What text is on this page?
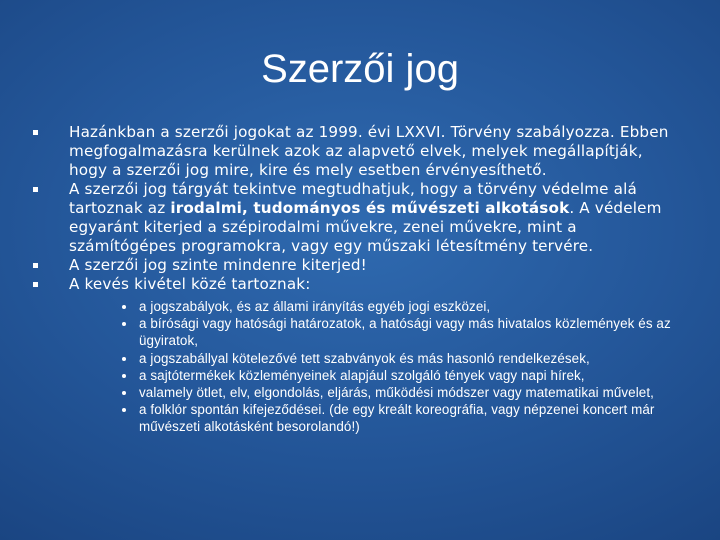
Szerzői jog
Hazánkban a szerzői jogokat az 1999. évi LXXVI. Törvény szabályozza. Ebben megfogalmazásra kerülnek azok az alapvető elvek, melyek megállapítják, hogy a szerzői jog mire, kire és mely esetben érvényesíthető.
A szerzői jog tárgyát tekintve megtudhatjuk, hogy a törvény védelme alá tartoznak az irodalmi, tudományos és művészeti alkotások. A védelem egyaránt kiterjed a szépirodalmi művekre, zenei művekre, mint a számítógépes programokra, vagy egy műszaki létesítmény tervére.
A szerzői jog szinte mindenre kiterjed!
A kevés kivétel közé tartoznak:
a jogszabályok, és az állami irányítás egyéb jogi eszközei,
a bírósági vagy hatósági határozatok, a hatósági vagy más hivatalos közlemények és az ügyiratok,
a jogszabállyal kötelezővé tett szabványok és más hasonló rendelkezések,
a sajtótermékek közleményeinek alapjául szolgáló tények vagy napi hírek,
valamely ötlet, elv, elgondolás, eljárás, működési módszer vagy matematikai művelet,
a folklór spontán kifejeződései. (de egy kreált koreográfia, vagy népzenei koncert már művészeti alkotásként besorolandó!)
